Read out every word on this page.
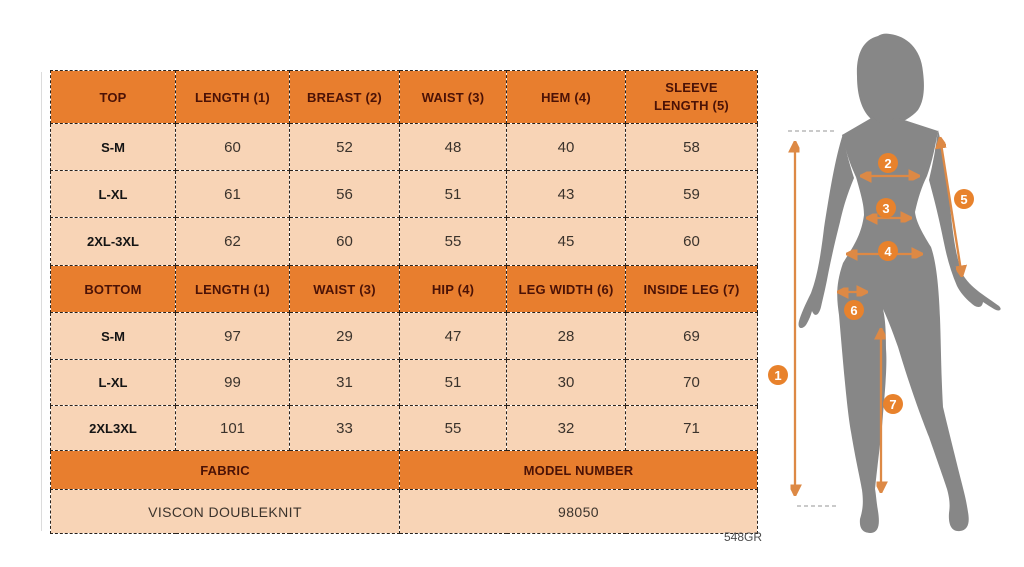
TOP	LENGTH (1)	BREAST (2)	WAIST (3)	HEM (4)	SLEEVE LENGTH (5)
S-M	60	52	48	40	58
L-XL	61	56	51	43	59
2XL-3XL	62	60	55	45	60
BOTTOM	LENGTH (1)	WAIST (3)	HIP (4)	LEG WIDTH (6)	INSIDE LEG (7)
S-M	97	29	47	28	69
L-XL	99	31	51	30	70
2XL3XL	101	33	55	32	71
FABRIC			MODEL NUMBER		
VISCON DOUBLEKNIT			98050		
548GR
1
2
3
4
5
6
7
